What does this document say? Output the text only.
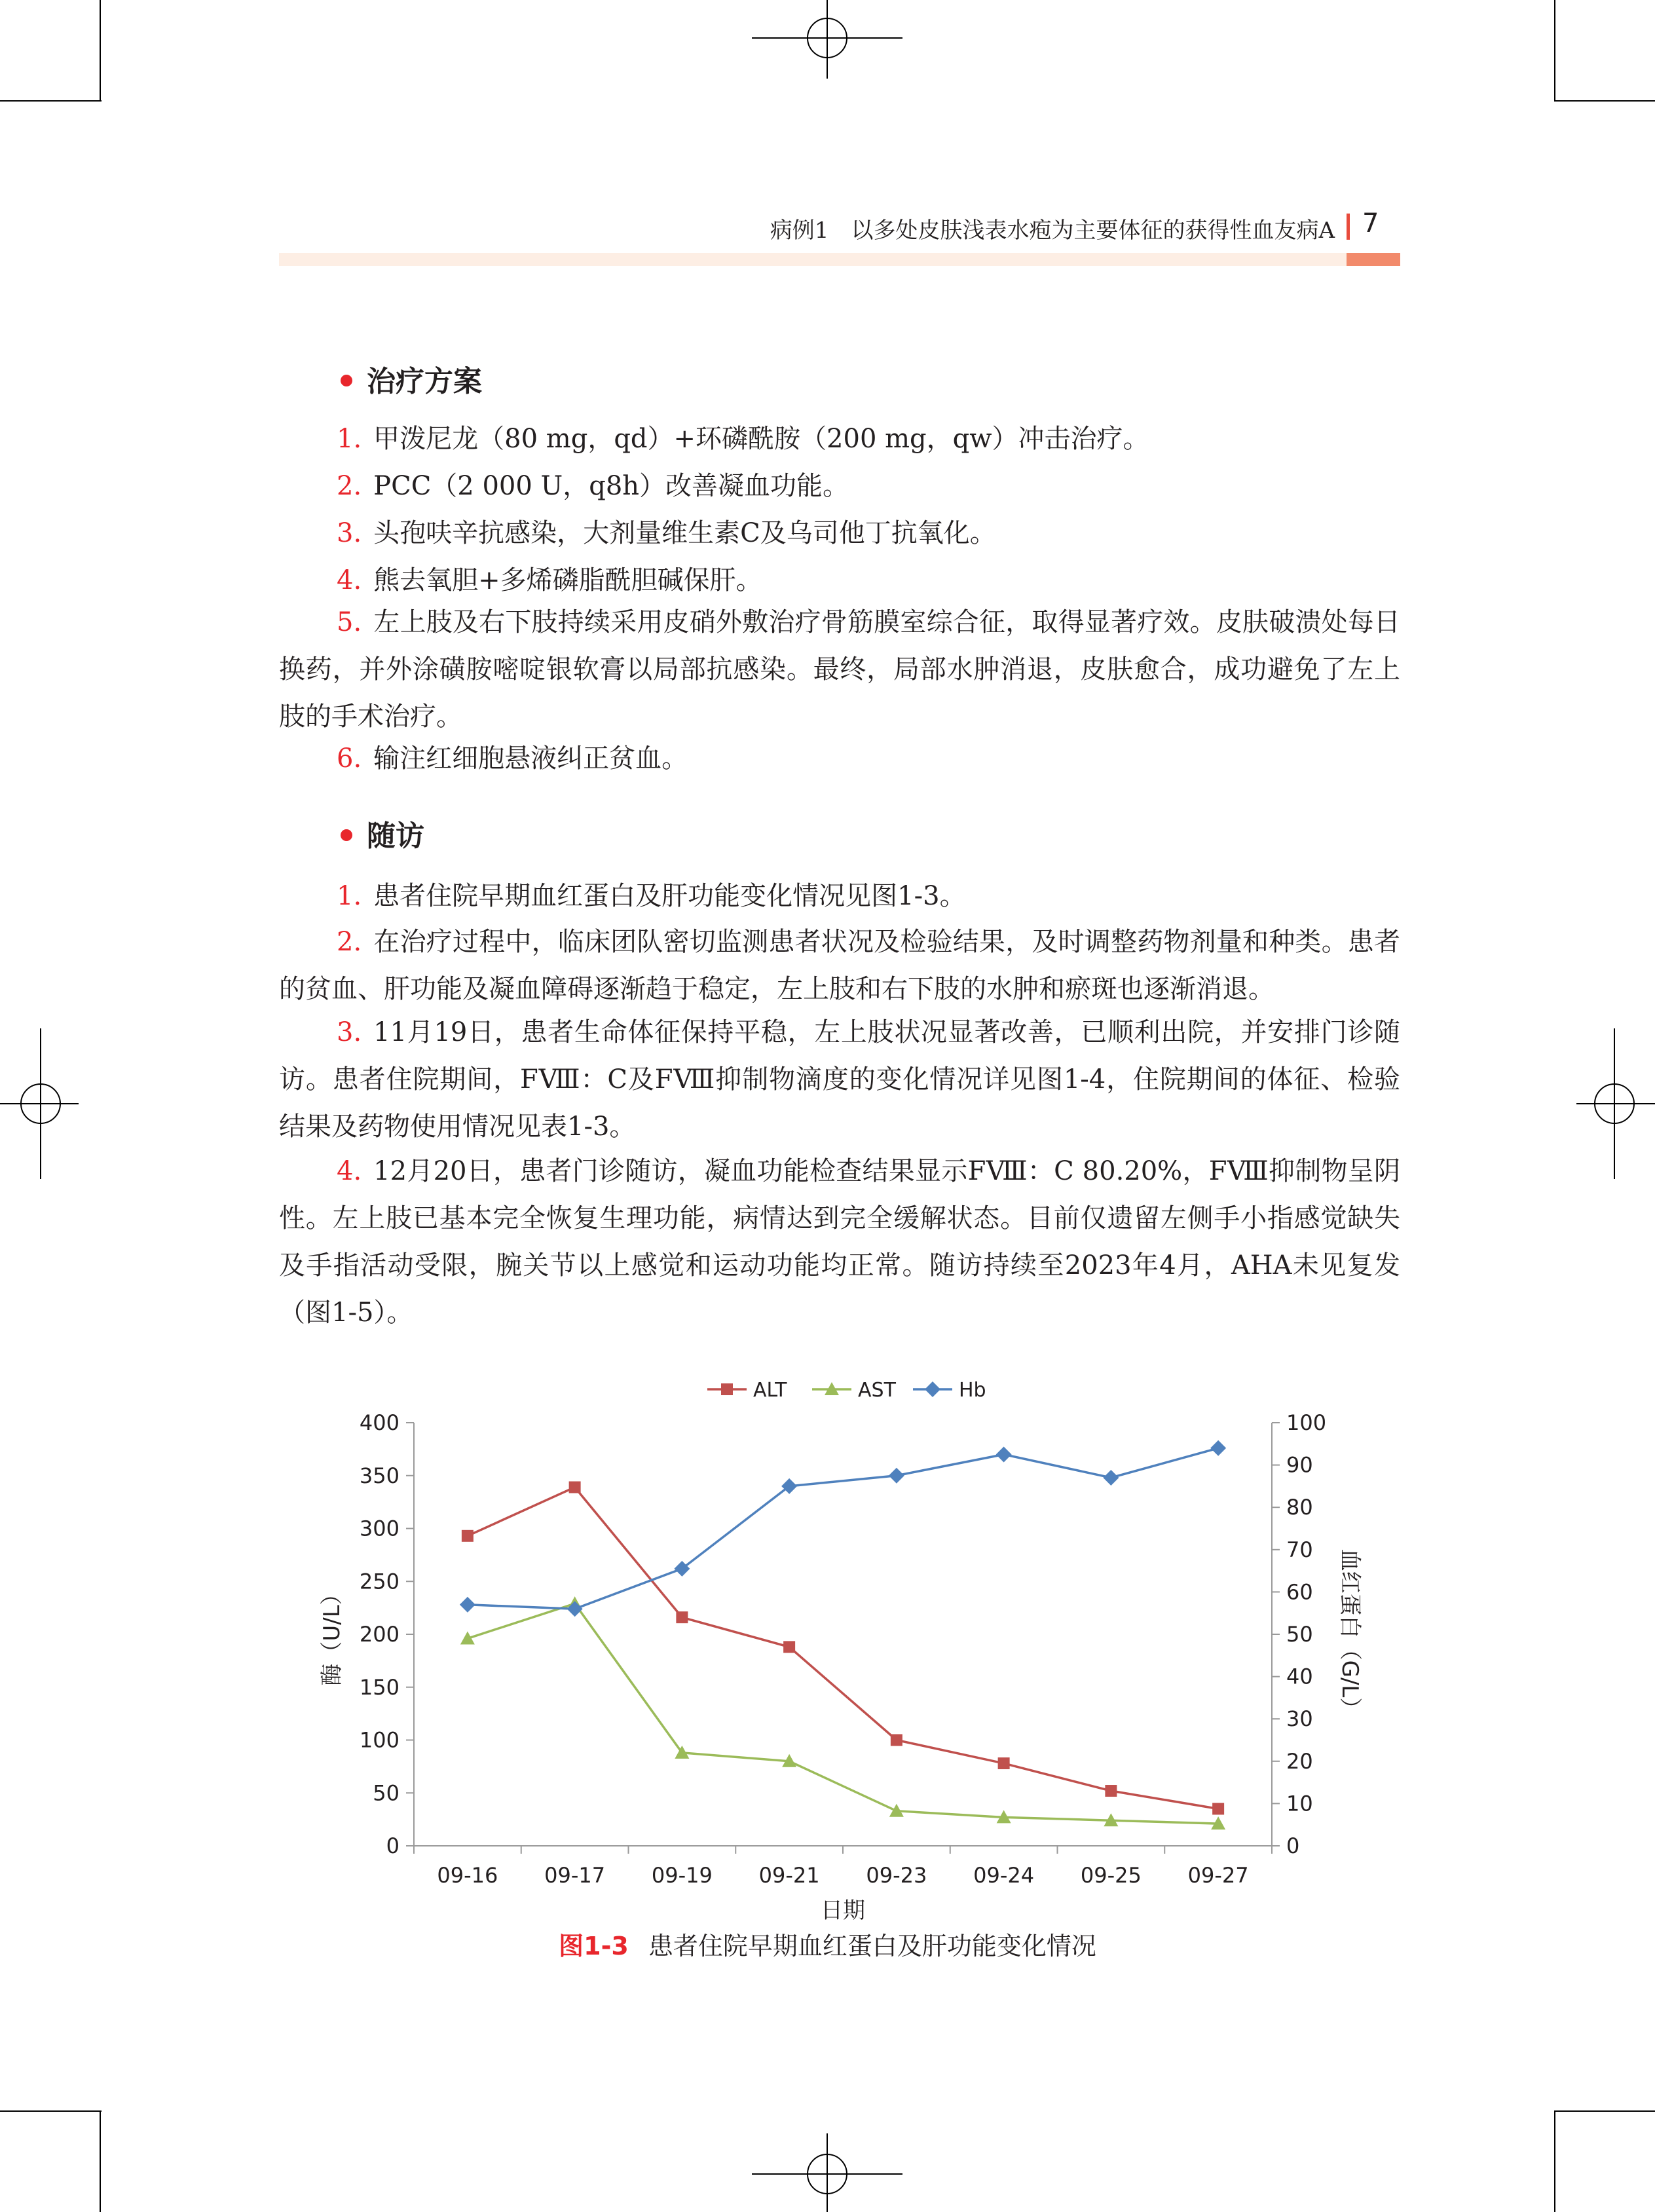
病例1　以多处皮肤浅表水疱为主要体征的获得性血友病A 7
治疗方案
1. 甲泼尼龙（80 mg，qd）+环磷酰胺（200 mg，qw）冲击治疗。
2. PCC（2 000 U，q8h）改善凝血功能。
3. 头孢呋辛抗感染，大剂量维生素C及乌司他丁抗氧化。
4. 熊去氧胆+多烯磷脂酰胆碱保肝。
5. 左上肢及右下肢持续采用皮硝外敷治疗骨筋膜室综合征，取得显著疗效。皮肤破溃处每日换药，并外涂磺胺嘧啶银软膏以局部抗感染。最终，局部水肿消退，皮肤愈合，成功避免了左上肢的手术治疗。
6. 输注红细胞悬液纠正贫血。
随访
1. 患者住院早期血红蛋白及肝功能变化情况见图1-3。
2. 在治疗过程中，临床团队密切监测患者状况及检验结果，及时调整药物剂量和种类。患者的贫血、肝功能及凝血障碍逐渐趋于稳定，左上肢和右下肢的水肿和瘀斑也逐渐消退。
3. 11月19日，患者生命体征保持平稳，左上肢状况显著改善，已顺利出院，并安排门诊随访。患者住院期间，FⅧ：C及FⅧ抑制物滴度的变化情况详见图1-4，住院期间的体征、检验结果及药物使用情况见表1-3。
4. 12月20日，患者门诊随访，凝血功能检查结果显示FⅧ：C 80.20%，FⅧ抑制物呈阴性。左上肢已基本完全恢复生理功能，病情达到完全缓解状态。目前仅遗留左侧手小指感觉缺失及手指活动受限，腕关节以上感觉和运动功能均正常。随访持续至2023年4月，AHA未见复发（图1-5）。
0
50
100
150
200
250
300
350
400
0
10
20
30
40
50
60
70
80
90
100
09-16 09-17 09-19 09-21 09-23 09-24 09-25 09-27
日期
酶（U/L）	血红蛋白（G/L）
ALT	AST	Hb
图1-3 患者住院早期血红蛋白及肝功能变化情况
